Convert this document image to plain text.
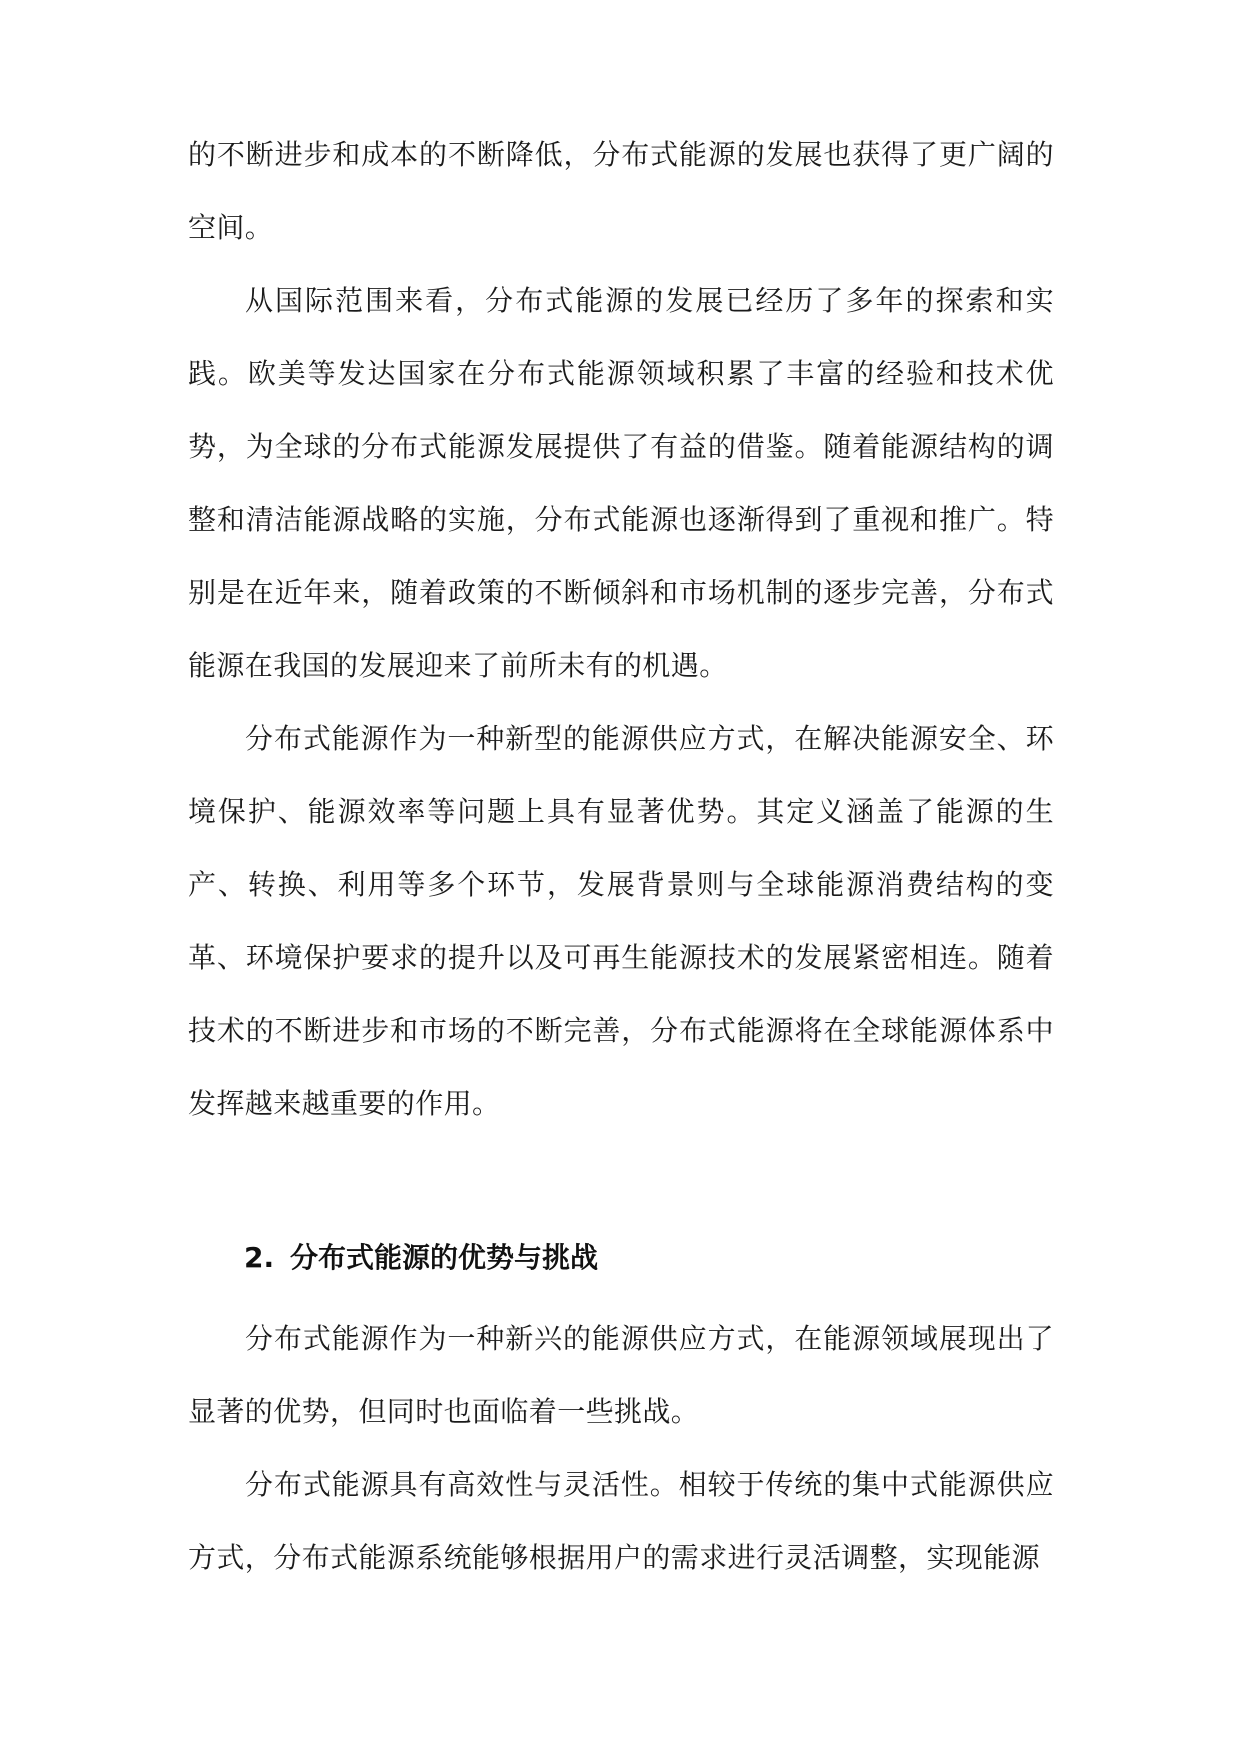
的不断进步和成本的不断降低，分布式能源的发展也获得了更广阔的空间。

从国际范围来看，分布式能源的发展已经历了多年的探索和实践。欧美等发达国家在分布式能源领域积累了丰富的经验和技术优势，为全球的分布式能源发展提供了有益的借鉴。随着能源结构的调整和清洁能源战略的实施，分布式能源也逐渐得到了重视和推广。特别是在近年来，随着政策的不断倾斜和市场机制的逐步完善，分布式能源在我国的发展迎来了前所未有的机遇。

分布式能源作为一种新型的能源供应方式，在解决能源安全、环境保护、能源效率等问题上具有显著优势。其定义涵盖了能源的生产、转换、利用等多个环节，发展背景则与全球能源消费结构的变革、环境保护要求的提升以及可再生能源技术的发展紧密相连。随着技术的不断进步和市场的不断完善，分布式能源将在全球能源体系中发挥越来越重要的作用。

2. 分布式能源的优势与挑战

分布式能源作为一种新兴的能源供应方式，在能源领域展现出了显著的优势，但同时也面临着一些挑战。

分布式能源具有高效性与灵活性。相较于传统的集中式能源供应方式，分布式能源系统能够根据用户的需求进行灵活调整，实现能源
